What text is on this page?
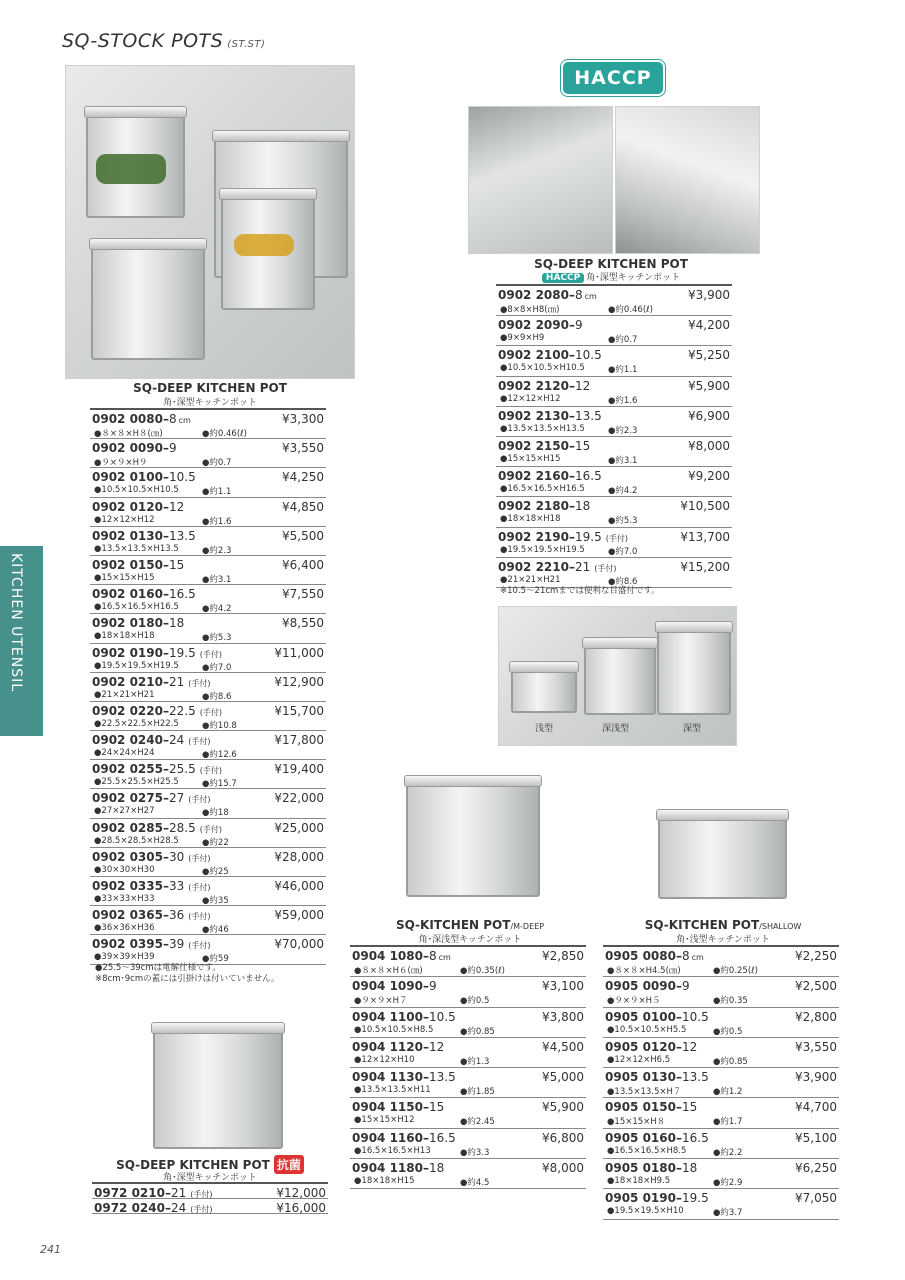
SQ-STOCK POTS (ST.ST)
KITCHEN UTENSIL
SQ-DEEP KITCHEN POT
角･深型キッチンポット
0902 0080–8 cm	¥3,300
●８×８×H８(㎝)	●約0.46(ℓ)
0902 0090–9	¥3,550
●９×９×H９	●約0.7
0902 0100–10.5	¥4,250
●10.5×10.5×H10.5	●約1.1
0902 0120–12	¥4,850
●12×12×H12	●約1.6
0902 0130–13.5	¥5,500
●13.5×13.5×H13.5	●約2.3
0902 0150–15	¥6,400
●15×15×H15	●約3.1
0902 0160–16.5	¥7,550
●16.5×16.5×H16.5	●約4.2
0902 0180–18	¥8,550
●18×18×H18	●約5.3
0902 0190–19.5 (手付)	¥11,000
●19.5×19.5×H19.5	●約7.0
0902 0210–21 (手付)	¥12,900
●21×21×H21	●約8.6
0902 0220–22.5 (手付)	¥15,700
●22.5×22.5×H22.5	●約10.8
0902 0240–24 (手付)	¥17,800
●24×24×H24	●約12.6
0902 0255–25.5 (手付)	¥19,400
●25.5×25.5×H25.5	●約15.7
0902 0275–27 (手付)	¥22,000
●27×27×H27	●約18
0902 0285–28.5 (手付)	¥25,000
●28.5×28.5×H28.5	●約22
0902 0305–30 (手付)	¥28,000
●30×30×H30	●約25
0902 0335–33 (手付)	¥46,000
●33×33×H33	●約35
0902 0365–36 (手付)	¥59,000
●36×36×H36	●約46
0902 0395–39 (手付)	¥70,000
●39×39×H39	●約59
●25.5～39cmは電解仕様です。
※8cm･9cmの蓋には引掛けは付いていません。
HACCP
SQ-DEEP KITCHEN POT
HACCP 角･深型キッチンポット
0902 2080–8 cm	¥3,900
●8×8×H8(㎝)	●約0.46(ℓ)
0902 2090–9	¥4,200
●9×9×H9	●約0.7
0902 2100–10.5	¥5,250
●10.5×10.5×H10.5	●約1.1
0902 2120–12	¥5,900
●12×12×H12	●約1.6
0902 2130–13.5	¥6,900
●13.5×13.5×H13.5	●約2.3
0902 2150–15	¥8,000
●15×15×H15	●約3.1
0902 2160–16.5	¥9,200
●16.5×16.5×H16.5	●約4.2
0902 2180–18	¥10,500
●18×18×H18	●約5.3
0902 2190–19.5 (手付)	¥13,700
●19.5×19.5×H19.5	●約7.0
0902 2210–21 (手付)	¥15,200
●21×21×H21	●約8.6
※10.5～21cmまでは便利な目盛付です。
浅型	深浅型	深型
SQ-KITCHEN POT/M-DEEP
角･深浅型キッチンポット
0904 1080–8 cm	¥2,850
●８×８×H６(㎝)	●約0.35(ℓ)
0904 1090–9	¥3,100
●９×９×H７	●約0.5
0904 1100–10.5	¥3,800
●10.5×10.5×H8.5	●約0.85
0904 1120–12	¥4,500
●12×12×H10	●約1.3
0904 1130–13.5	¥5,000
●13.5×13.5×H11	●約1.85
0904 1150–15	¥5,900
●15×15×H12	●約2.45
0904 1160–16.5	¥6,800
●16.5×16.5×H13	●約3.3
0904 1180–18	¥8,000
●18×18×H15	●約4.5
SQ-KITCHEN POT/SHALLOW
角･浅型キッチンポット
0905 0080–8 cm	¥2,250
●８×８×H4.5(㎝)	●約0.25(ℓ)
0905 0090–9	¥2,500
●９×９×H５	●約0.35
0905 0100–10.5	¥2,800
●10.5×10.5×H5.5	●約0.5
0905 0120–12	¥3,550
●12×12×H6.5	●約0.85
0905 0130–13.5	¥3,900
●13.5×13.5×H７	●約1.2
0905 0150–15	¥4,700
●15×15×H８	●約1.7
0905 0160–16.5	¥5,100
●16.5×16.5×H8.5	●約2.2
0905 0180–18	¥6,250
●18×18×H9.5	●約2.9
0905 0190–19.5	¥7,050
●19.5×19.5×H10	●約3.7
SQ-DEEP KITCHEN POT 抗菌
角･深型キッチンポット
0972 0210–21 (手付)	¥12,000
0972 0240–24 (手付)	¥16,000
241
